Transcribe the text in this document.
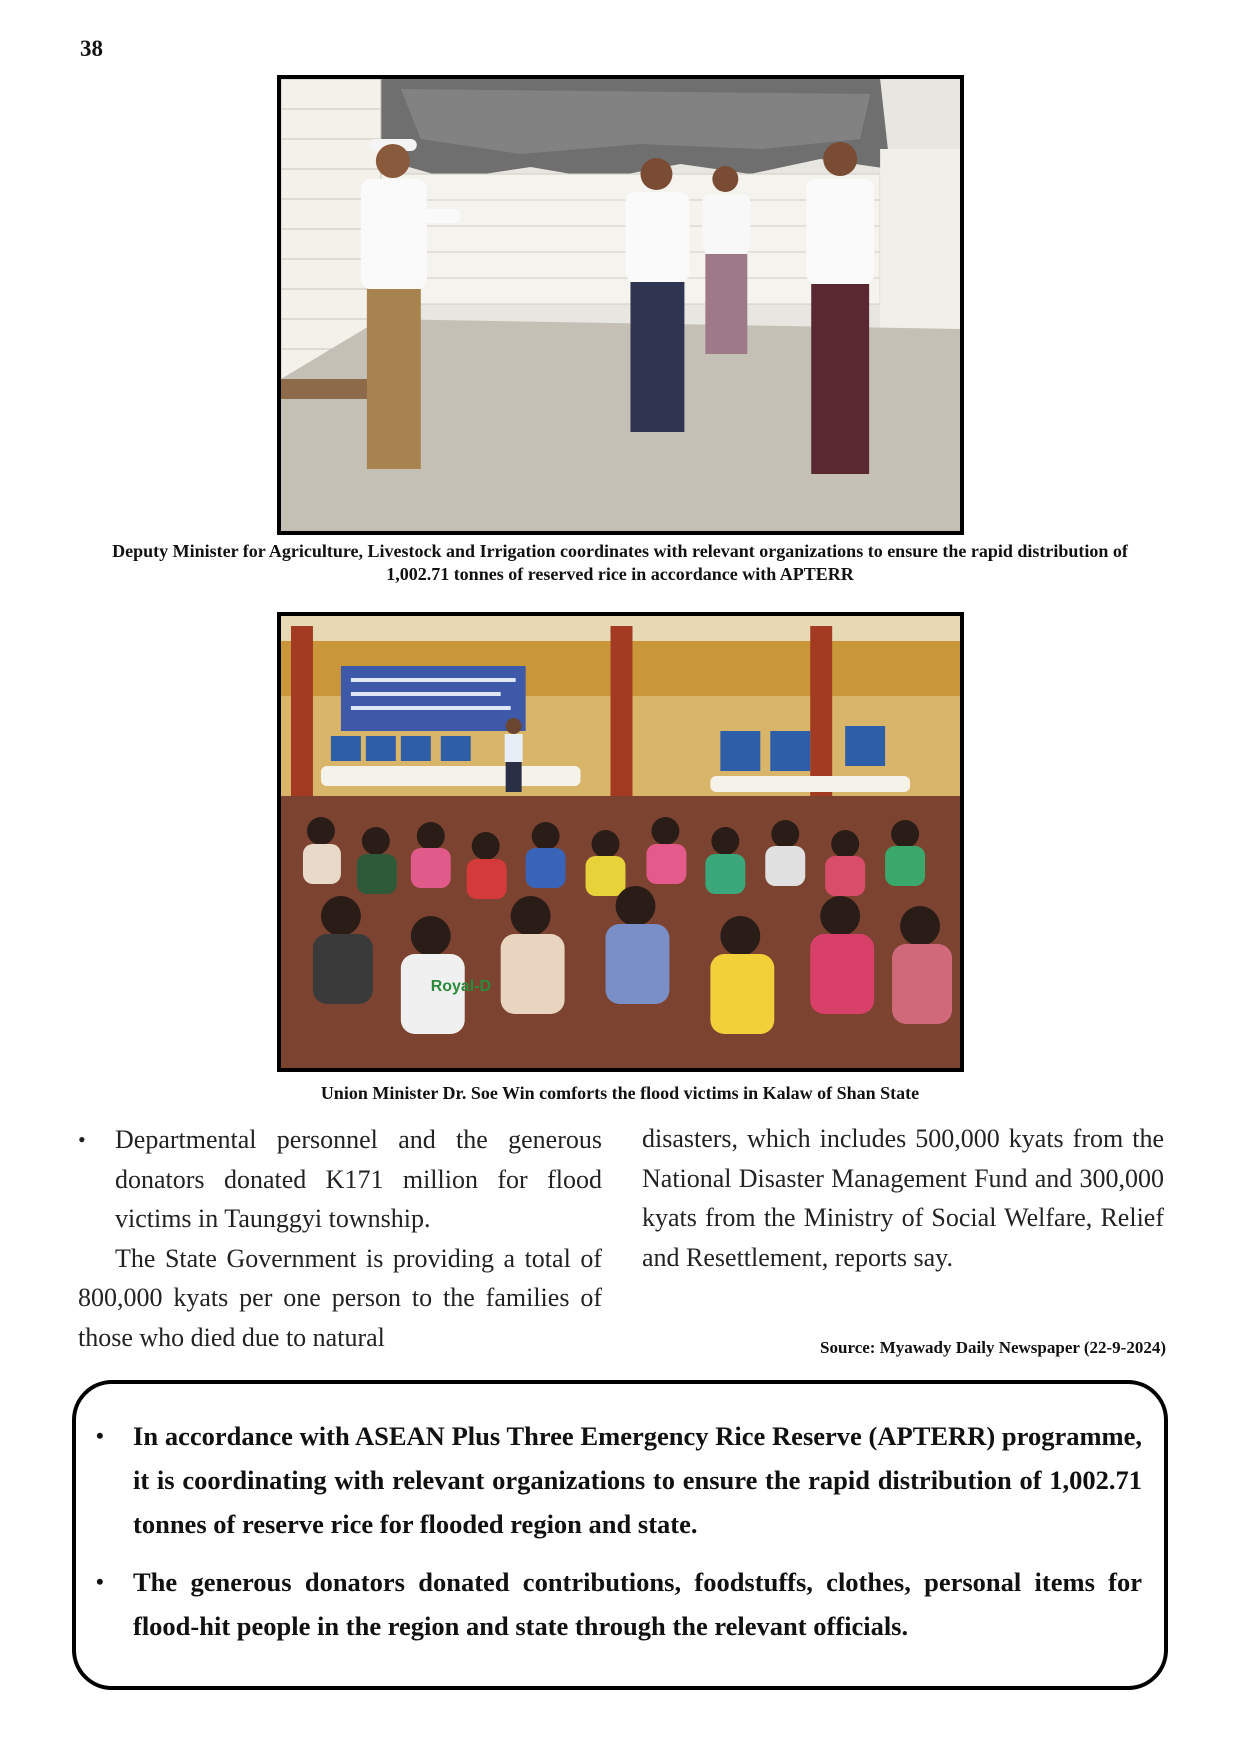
38
Deputy Minister for Agriculture, Livestock and Irrigation coordinates with relevant organizations to ensure the rapid distribution of 1,002.71 tonnes of reserved rice in accordance with APTERR
Royal-D
Union Minister Dr. Soe Win comforts the flood victims in Kalaw of Shan State
•	Departmental personnel and the generous donators donated K171 million for flood victims in Taunggyi township.

The State Government is providing a total of 800,000 kyats per one person to the families of those who died due to natural

disasters, which includes 500,000 kyats from the National Disaster Management Fund and 300,000 kyats from the Ministry of Social Welfare, Relief and Resettlement, reports say.

Source: Myawady Daily Newspaper (22-9-2024)
•	In accordance with ASEAN Plus Three Emergency Rice Reserve (APTERR) programme, it is coordinating with relevant organizations to ensure the rapid distribution of 1,002.71 tonnes of reserve rice for flooded region and state.
•	The generous donators donated contributions, foodstuffs, clothes, personal items for flood-hit people in the region and state through the relevant officials.
